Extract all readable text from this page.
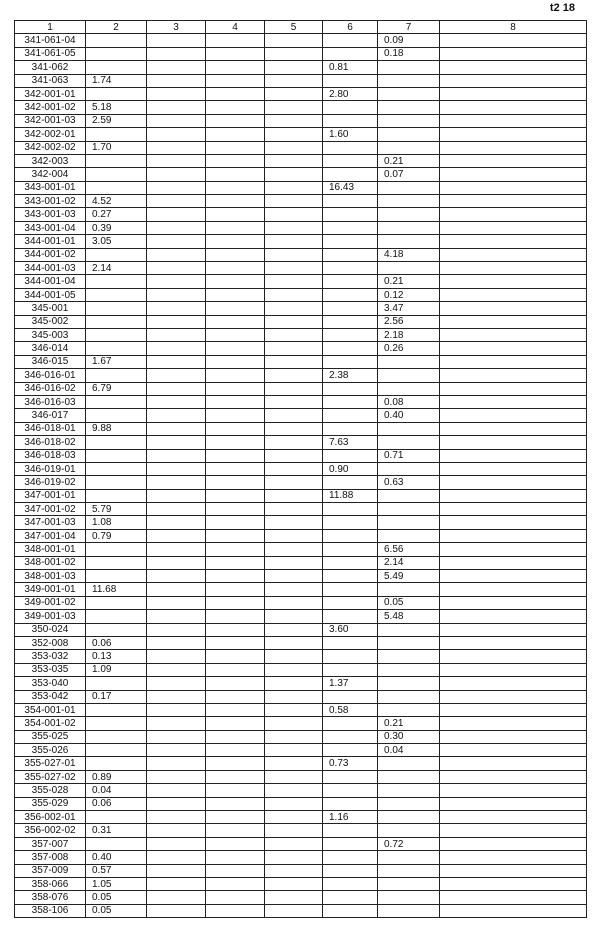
t2 18
1	2	3	4	5	6	7	8
341-061-04						0.09	
341-061-05						0.18	
341-062					0.81		
341-063	1.74						
342-001-01					2.80		
342-001-02	5.18						
342-001-03	2.59						
342-002-01					1.60		
342-002-02	1.70						
342-003						0.21	
342-004						0.07	
343-001-01					16.43		
343-001-02	4.52						
343-001-03	0.27						
343-001-04	0.39						
344-001-01	3.05						
344-001-02						4.18	
344-001-03	2.14						
344-001-04						0.21	
344-001-05						0.12	
345-001						3.47	
345-002						2.56	
345-003						2.18	
346-014						0.26	
346-015	1.67						
346-016-01					2.38		
346-016-02	6.79						
346-016-03						0.08	
346-017						0.40	
346-018-01	9.88						
346-018-02					7.63		
346-018-03						0.71	
346-019-01					0.90		
346-019-02						0.63	
347-001-01					11.88		
347-001-02	5.79						
347-001-03	1.08						
347-001-04	0.79						
348-001-01						6.56	
348-001-02						2.14	
348-001-03						5.49	
349-001-01	11.68						
349-001-02						0.05	
349-001-03						5.48	
350-024					3.60		
352-008	0.06						
353-032	0.13						
353-035	1.09						
353-040					1.37		
353-042	0.17						
354-001-01					0.58		
354-001-02						0.21	
355-025						0.30	
355-026						0.04	
355-027-01					0.73		
355-027-02	0.89						
355-028	0.04						
355-029	0.06						
356-002-01					1.16		
356-002-02	0.31						
357-007						0.72	
357-008	0.40						
357-009	0.57						
358-066	1.05						
358-076	0.05						
358-106	0.05						
